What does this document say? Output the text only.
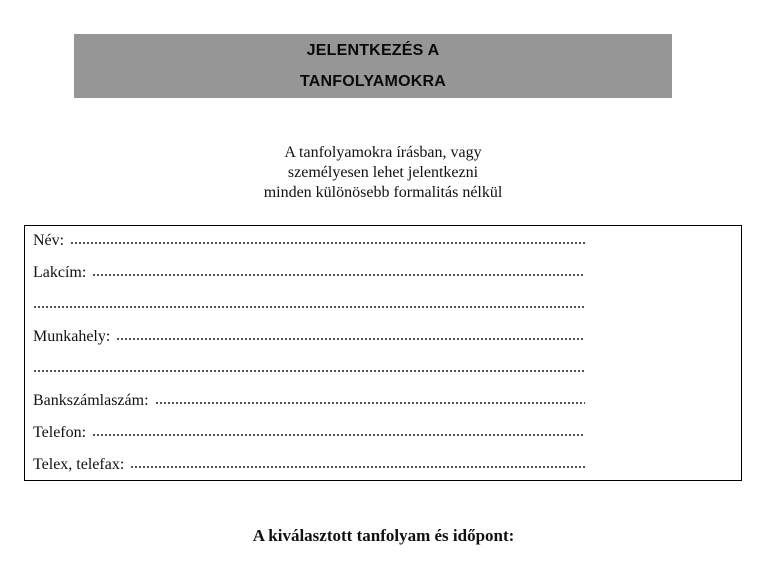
JELENTKEZÉS A
TANFOLYAMOKRA
A tanfolyamokra írásban, vagy
személyesen lehet jelentkezni
minden különösebb formalitás nélkül
Név:
Lakcím:
Munkahely:
Bankszámlaszám:
Telefon:
Telex, telefax:
A kiválasztott tanfolyam és időpont:
